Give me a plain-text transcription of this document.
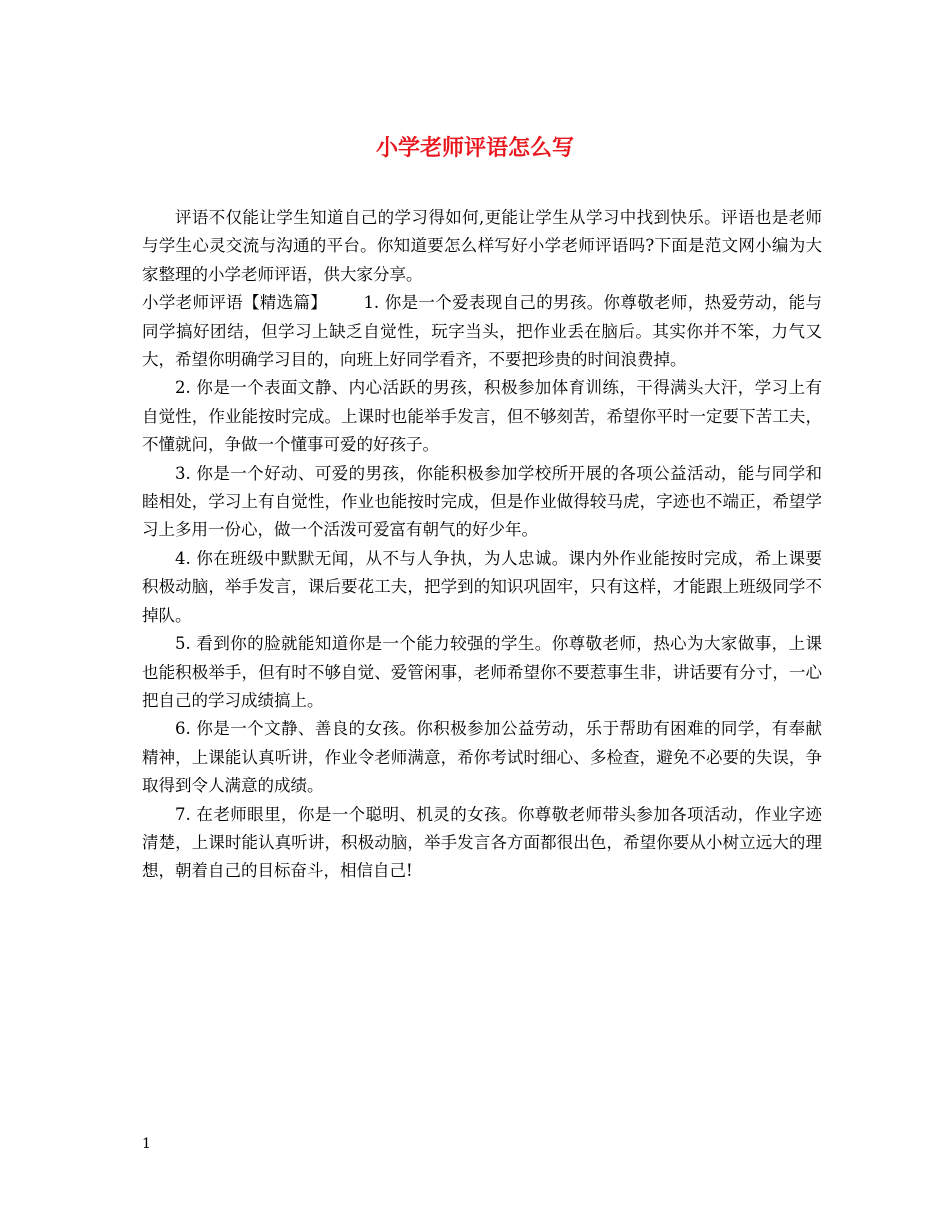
小学老师评语怎么写

评语不仅能让学生知道自己的学习得如何,更能让学生从学习中找到快乐。评语也是老师与学生心灵交流与沟通的平台。你知道要怎么样写好小学老师评语吗?下面是范文网小编为大家整理的小学老师评语，供大家分享。

小学老师评语【精选篇】 1. 你是一个爱表现自己的男孩。你尊敬老师，热爱劳动，能与同学搞好团结，但学习上缺乏自觉性，玩字当头，把作业丢在脑后。其实你并不笨，力气又大，希望你明确学习目的，向班上好同学看齐，不要把珍贵的时间浪费掉。

2. 你是一个表面文静、内心活跃的男孩，积极参加体育训练，干得满头大汗，学习上有自觉性，作业能按时完成。上课时也能举手发言，但不够刻苦，希望你平时一定要下苦工夫，不懂就问，争做一个懂事可爱的好孩子。

3. 你是一个好动、可爱的男孩，你能积极参加学校所开展的各项公益活动，能与同学和睦相处，学习上有自觉性，作业也能按时完成，但是作业做得较马虎，字迹也不端正，希望学习上多用一份心，做一个活泼可爱富有朝气的好少年。

4. 你在班级中默默无闻，从不与人争执，为人忠诚。课内外作业能按时完成，希上课要积极动脑，举手发言，课后要花工夫，把学到的知识巩固牢，只有这样，才能跟上班级同学不掉队。

5. 看到你的脸就能知道你是一个能力较强的学生。你尊敬老师，热心为大家做事，上课也能积极举手，但有时不够自觉、爱管闲事，老师希望你不要惹事生非，讲话要有分寸，一心把自己的学习成绩搞上。

6. 你是一个文静、善良的女孩。你积极参加公益劳动，乐于帮助有困难的同学，有奉献精神，上课能认真听讲，作业令老师满意，希你考试时细心、多检查，避免不必要的失误，争取得到令人满意的成绩。

7. 在老师眼里，你是一个聪明、机灵的女孩。你尊敬老师带头参加各项活动，作业字迹清楚，上课时能认真听讲，积极动脑，举手发言各方面都很出色，希望你要从小树立远大的理想，朝着自己的目标奋斗，相信自己!

1
